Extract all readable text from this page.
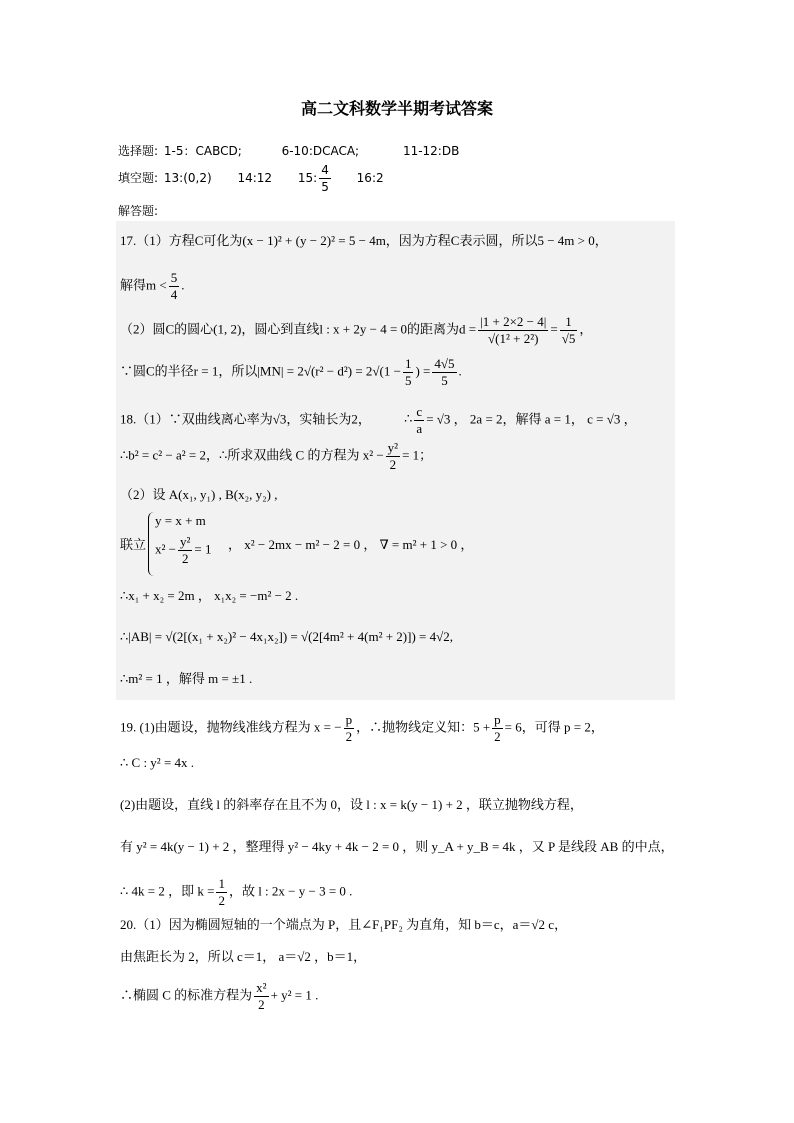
高二文科数学半期考试答案
选择题: 1-5：CABCD;	6-10:DCACA;	11-12:DB
填空题: 13:(0,2) 14:12 15: $\frac{4}{5}$ 16:2
解答题:
17.（1）方程C可化为(x − 1)² + (y − 2)² = 5 − 4m，因为方程C表示圆，所以5 − 4m > 0，
解得$m < \frac{5}{4}$ .
（2）圆C的圆心(1, 2)，圆心到直线l : x + 2y − 4 = 0的距离为$d = \frac{|1 + 2\times 2 - 4|}{\text{√(1² + 2²)}} = \frac{1}{√5}$ ，
∵圆C的半径r = 1，所以$|MN| = 2√(r^2 - d^2) = 2√(1 - \frac{1}{5}$ ) = $\frac{4√5}{5}$ .
18.（1）∵双曲线离心率为√3，实轴长为2，	∴ $\frac{c}{a} = √3$ ， 2a = 2，解得 a = 1， c = √3 ，
∴b² = c² − a² = 2，∴所求双曲线 C 的方程为 $x^2 - \frac{\text{y²}}{2} = 1$；
（2）设 A(x₁, y₁) , B(x₂, y₂) ,
联立
y = x + m
$x^2 - \frac{\text{y²}}{2} = 1$ ， x² − 2mx − m² − 2 = 0 ， ∇ = m² + 1 > 0 ，
∴x₁ + x₂ = 2m ， x₁x₂ = −m² − 2 .
∴|AB| = √(2[(x₁ + x₂)² − 4x₁x₂]) = √(2[4m² + 4(m² + 2)]) = 4√2,
∴m² = 1 ，解得 m = ±1 .
19. (1)由题设，抛物线准线方程为 x = − $\frac{p}{2}$ ，∴抛物线定义知：$5 + \frac{p}{2} = 6$，可得 p = 2，
∴ C : y² = 4x .
(2)由题设，直线 l 的斜率存在且不为 0，设 l : x = k(y − 1) + 2 ，联立抛物线方程，
有 y² = 4k(y − 1) + 2 ，整理得 y² − 4ky + 4k − 2 = 0 ，则 y_A + y_B = 4k ，又 P 是线段 AB 的中点，
∴ 4k = 2 ，即 $k = \frac{1}{2}$ ，故 l : 2x − y − 3 = 0 .
20.（1）因为椭圆短轴的一个端点为 P，且∠F₁PF₂ 为直角，知 b＝c，a＝√2 c，
由焦距长为 2，所以 c＝1， a＝√2 ，b＝1，
∴椭圆 C 的标准方程为 $\frac{\text{x²}}{2} + y^2 = 1$ .
